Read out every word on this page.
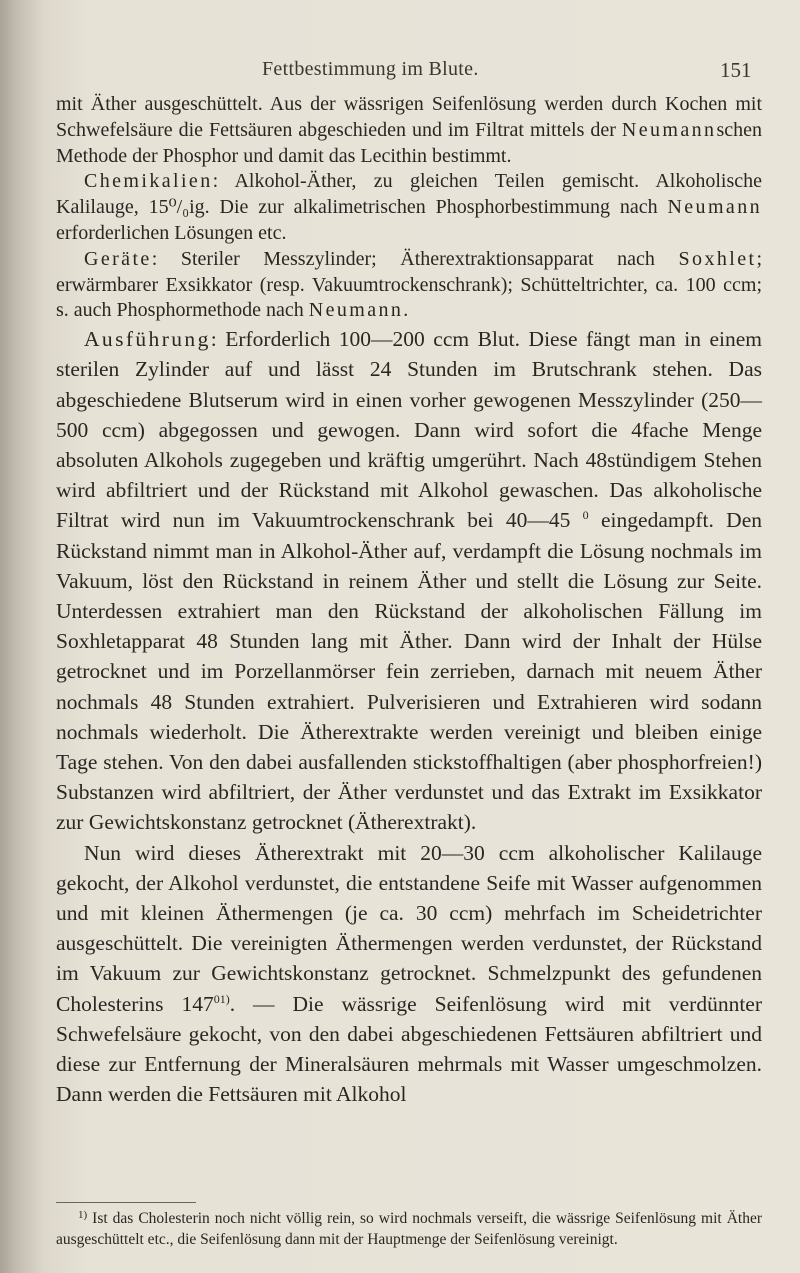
Fettbestimmung im Blute.	151

mit Äther ausgeschüttelt. Aus der wässrigen Seifenlösung werden durch Kochen mit Schwefelsäure die Fettsäuren abgeschieden und im Filtrat mittels der Neumannschen Methode der Phosphor und damit das Lecithin bestimmt.

Chemikalien: Alkohol-Äther, zu gleichen Teilen gemischt. Alkoholische Kalilauge, 15⁰/₀ig. Die zur alkalimetrischen Phosphorbestimmung nach Neumann erforderlichen Lösungen etc.

Geräte: Steriler Messzylinder; Ätherextraktionsapparat nach Soxhlet; erwärmbarer Exsikkator (resp. Vakuumtrockenschrank); Schütteltrichter, ca. 100 ccm; s. auch Phosphormethode nach Neumann.

Ausführung: Erforderlich 100—200 ccm Blut. Diese fängt man in einem sterilen Zylinder auf und lässt 24 Stunden im Brutschrank stehen. Das abgeschiedene Blutserum wird in einen vorher gewogenen Messzylinder (250—500 ccm) abgegossen und gewogen. Dann wird sofort die 4fache Menge absoluten Alkohols zugegeben und kräftig umgerührt. Nach 48stündigem Stehen wird abfiltriert und der Rückstand mit Alkohol gewaschen. Das alkoholische Filtrat wird nun im Vakuumtrockenschrank bei 40—45 $^0$ eingedampft. Den Rückstand nimmt man in Alkohol-Äther auf, verdampft die Lösung nochmals im Vakuum, löst den Rückstand in reinem Äther und stellt die Lösung zur Seite. Unterdessen extrahiert man den Rückstand der alkoholischen Fällung im Soxhletapparat 48 Stunden lang mit Äther. Dann wird der Inhalt der Hülse getrocknet und im Porzellanmörser fein zerrieben, darnach mit neuem Äther nochmals 48 Stunden extrahiert. Pulverisieren und Extrahieren wird sodann nochmals wiederholt. Die Ätherextrakte werden vereinigt und bleiben einige Tage stehen. Von den dabei ausfallenden stickstoffhaltigen (aber phosphorfreien!) Substanzen wird abfiltriert, der Äther verdunstet und das Extrakt im Exsikkator zur Gewichtskonstanz getrocknet (Ätherextrakt).

Nun wird dieses Ätherextrakt mit 20—30 ccm alkoholischer Kalilauge gekocht, der Alkohol verdunstet, die entstandene Seife mit Wasser aufgenommen und mit kleinen Äthermengen (je ca. 30 ccm) mehrfach im Scheidetrichter ausgeschüttelt. Die vereinigten Äthermengen werden verdunstet, der Rückstand im Vakuum zur Gewichtskonstanz getrocknet. Schmelzpunkt des gefundenen Cholesterins 147$^{01)}$. — Die wässrige Seifenlösung wird mit verdünnter Schwefelsäure gekocht, von den dabei abgeschiedenen Fettsäuren abfiltriert und diese zur Entfernung der Mineralsäuren mehrmals mit Wasser umgeschmolzen. Dann werden die Fettsäuren mit Alkohol

$^{1)}$ Ist das Cholesterin noch nicht völlig rein, so wird nochmals verseift, die wässrige Seifenlösung mit Äther ausgeschüttelt etc., die Seifenlösung dann mit der Hauptmenge der Seifenlösung vereinigt.
